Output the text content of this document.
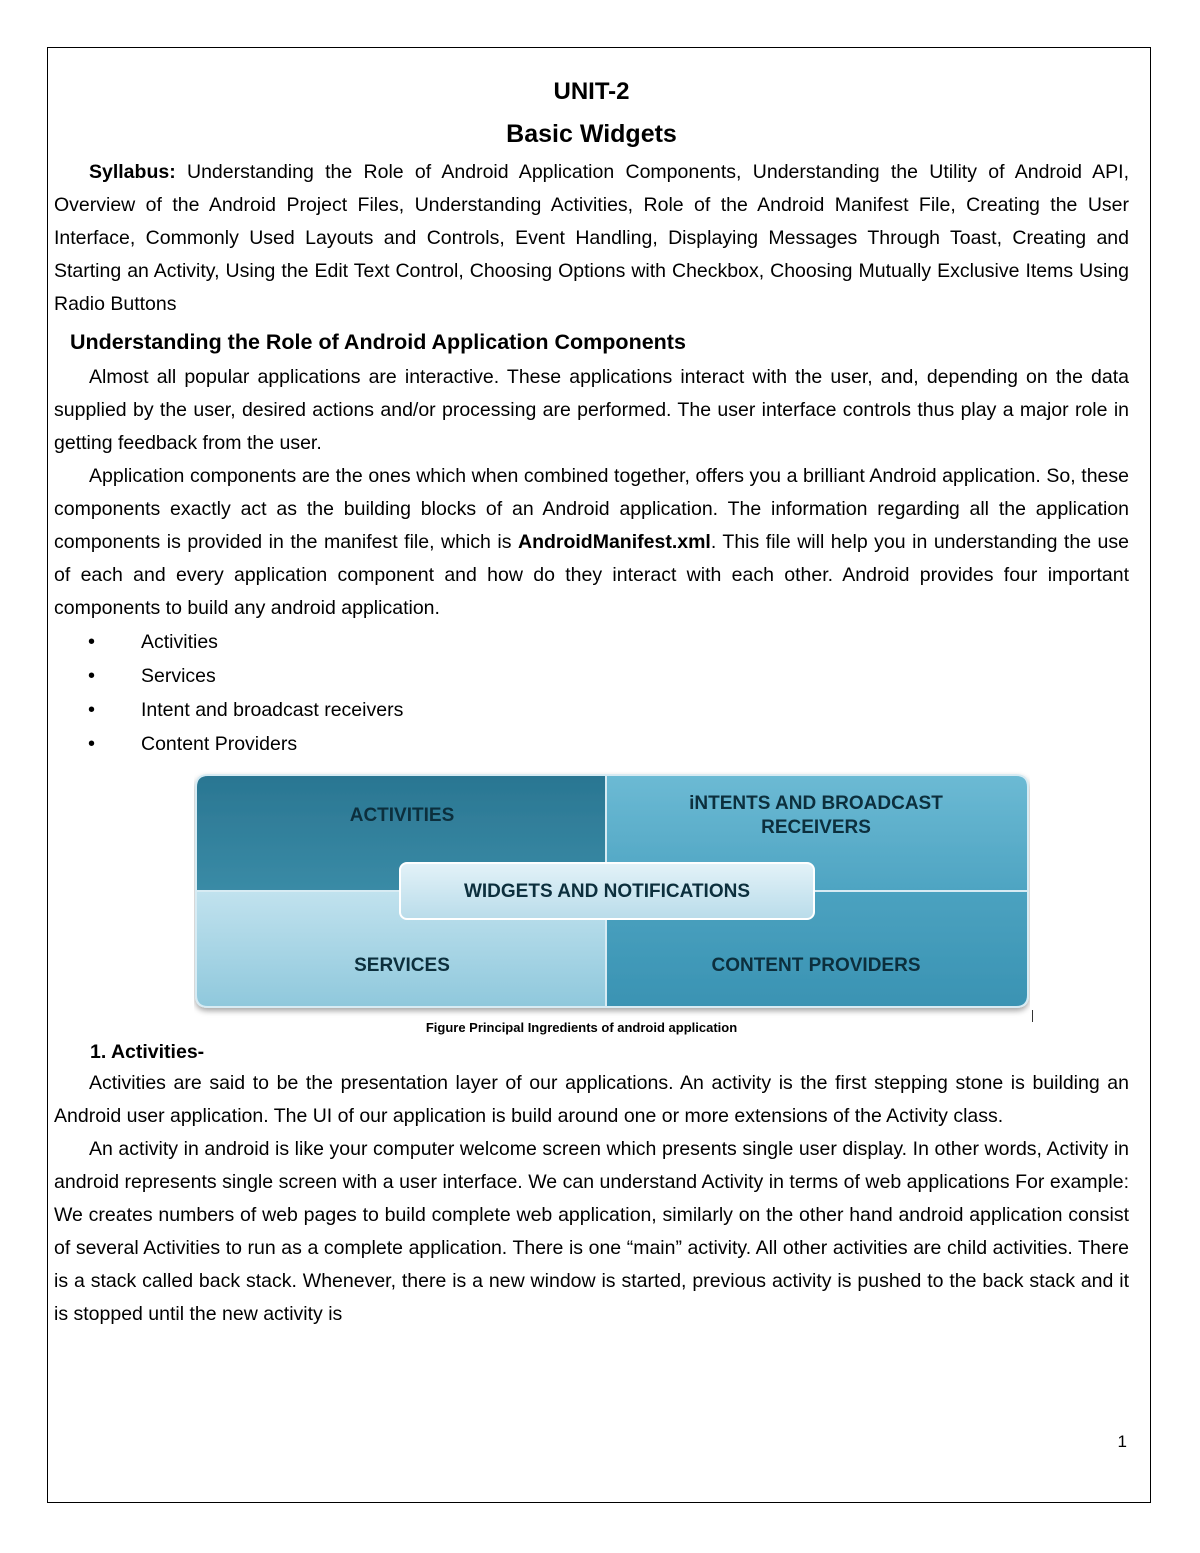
UNIT-2
Basic Widgets

Syllabus: Understanding the Role of Android Application Components, Understanding the Utility of Android API, Overview of the Android Project Files, Understanding Activities, Role of the Android Manifest File, Creating the User Interface, Commonly Used Layouts and Controls, Event Handling, Displaying Messages Through Toast, Creating and Starting an Activity, Using the Edit Text Control, Choosing Options with Checkbox, Choosing Mutually Exclusive Items Using Radio Buttons

Understanding the Role of Android Application Components

Almost all popular applications are interactive. These applications interact with the user, and, depending on the data supplied by the user, desired actions and/or processing are performed. The user interface controls thus play a major role in getting feedback from the user.

Application components are the ones which when combined together, offers you a brilliant Android application. So, these components exactly act as the building blocks of an Android application. The information regarding all the application components is provided in the manifest file, which is AndroidManifest.xml. This file will help you in understanding the use of each and every application component and how do they interact with each other. Android provides four important components to build any android application.

• Activities
• Services
• Intent and broadcast receivers
• Content Providers
ACTIVITIES
iNTENTS AND BROADCAST
RECEIVERS
WIDGETS AND NOTIFICATIONS
SERVICES	CONTENT PROVIDERS
Figure Principal Ingredients of android application
1. Activities-

Activities are said to be the presentation layer of our applications. An activity is the first stepping stone is building an Android user application. The UI of our application is build around one or more extensions of the Activity class.

An activity in android is like your computer welcome screen which presents single user display. In other words, Activity in android represents single screen with a user interface. We can understand Activity in terms of web applications For example: We creates numbers of web pages to build complete web application, similarly on the other hand android application consist of several Activities to run as a complete application. There is one “main” activity. All other activities are child activities. There is a stack called back stack. Whenever, there is a new window is started, previous activity is pushed to the back stack and it is stopped until the new activity is

1
